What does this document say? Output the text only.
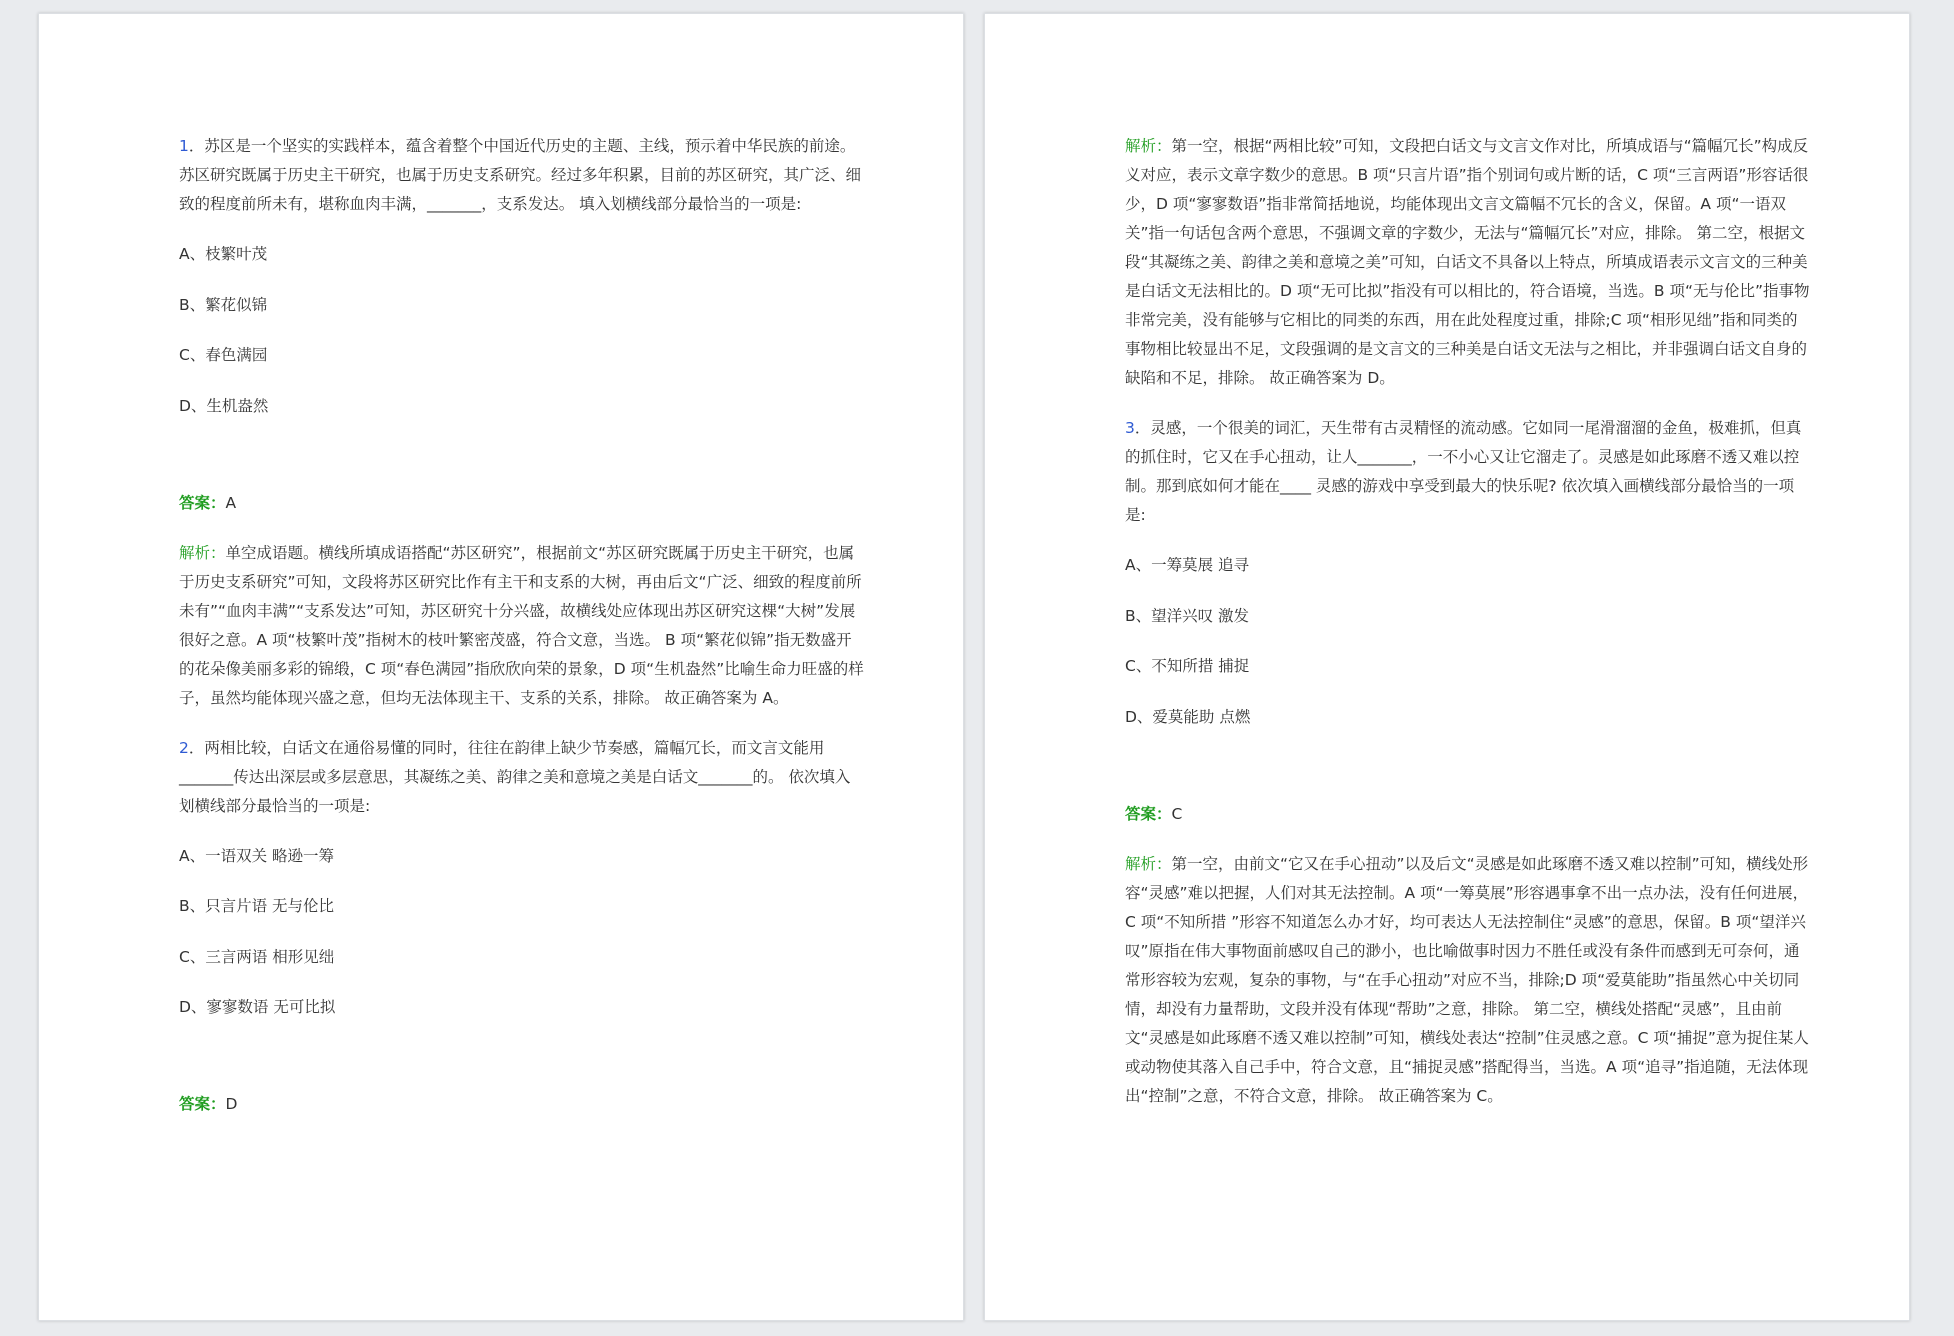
1．苏区是一个坚实的实践样本，蕴含着整个中国近代历史的主题、主线，预示着中华民族的前途。苏区研究既属于历史主干研究，也属于历史支系研究。经过多年积累，目前的苏区研究，其广泛、细致的程度前所未有，堪称血肉丰满，_______，支系发达。 填入划横线部分最恰当的一项是:

A、枝繁叶茂
B、繁花似锦
C、春色满园
D、生机盎然
答案：A

解析：单空成语题。横线所填成语搭配“苏区研究”，根据前文“苏区研究既属于历史主干研究，也属于历史支系研究”可知，文段将苏区研究比作有主干和支系的大树，再由后文“广泛、细致的程度前所未有”“血肉丰满”“支系发达”可知，苏区研究十分兴盛，故横线处应体现出苏区研究这棵“大树”发展很好之意。A 项“枝繁叶茂”指树木的枝叶繁密茂盛，符合文意，当选。 B 项“繁花似锦”指无数盛开的花朵像美丽多彩的锦缎，C 项“春色满园”指欣欣向荣的景象，D 项“生机盎然”比喻生命力旺盛的样子，虽然均能体现兴盛之意，但均无法体现主干、支系的关系，排除。 故正确答案为 A。

2．两相比较，白话文在通俗易懂的同时，往往在韵律上缺少节奏感，篇幅冗长，而文言文能用_______传达出深层或多层意思，其凝练之美、韵律之美和意境之美是白话文_______的。 依次填入划横线部分最恰当的一项是:

A、一语双关 略逊一筹
B、只言片语 无与伦比
C、三言两语 相形见绌
D、寥寥数语 无可比拟
答案：D

解析：第一空，根据“两相比较”可知，文段把白话文与文言文作对比，所填成语与“篇幅冗长”构成反义对应，表示文章字数少的意思。B 项“只言片语”指个别词句或片断的话，C 项“三言两语”形容话很少，D 项“寥寥数语”指非常简括地说，均能体现出文言文篇幅不冗长的含义，保留。A 项“一语双关”指一句话包含两个意思，不强调文章的字数少，无法与“篇幅冗长”对应，排除。 第二空，根据文段“其凝练之美、韵律之美和意境之美”可知，白话文不具备以上特点，所填成语表示文言文的三种美是白话文无法相比的。D 项“无可比拟”指没有可以相比的，符合语境，当选。B 项“无与伦比”指事物非常完美，没有能够与它相比的同类的东西，用在此处程度过重，排除;C 项“相形见绌”指和同类的事物相比较显出不足，文段强调的是文言文的三种美是白话文无法与之相比，并非强调白话文自身的缺陷和不足，排除。 故正确答案为 D。

3．灵感，一个很美的词汇，天生带有古灵精怪的流动感。它如同一尾滑溜溜的金鱼，极难抓，但真的抓住时，它又在手心扭动，让人_______，一不小心又让它溜走了。灵感是如此琢磨不透又难以控制。那到底如何才能在____ 灵感的游戏中享受到最大的快乐呢? 依次填入画横线部分最恰当的一项是:

A、一筹莫展 追寻
B、望洋兴叹 激发
C、不知所措 捕捉
D、爱莫能助 点燃
答案：C

解析：第一空，由前文“它又在手心扭动”以及后文“灵感是如此琢磨不透又难以控制”可知，横线处形容“灵感”难以把握，人们对其无法控制。A 项“一筹莫展”形容遇事拿不出一点办法，没有任何进展，C 项“不知所措 ”形容不知道怎么办才好，均可表达人无法控制住“灵感”的意思，保留。B 项“望洋兴叹”原指在伟大事物面前感叹自己的渺小，也比喻做事时因力不胜任或没有条件而感到无可奈何，通常形容较为宏观，复杂的事物，与“在手心扭动”对应不当，排除;D 项“爱莫能助”指虽然心中关切同情，却没有力量帮助，文段并没有体现“帮助”之意，排除。 第二空，横线处搭配“灵感”，且由前文“灵感是如此琢磨不透又难以控制”可知，横线处表达“控制”住灵感之意。C 项“捕捉”意为捉住某人或动物使其落入自己手中，符合文意，且“捕捉灵感”搭配得当，当选。A 项“追寻”指追随，无法体现出“控制”之意，不符合文意，排除。 故正确答案为 C。
